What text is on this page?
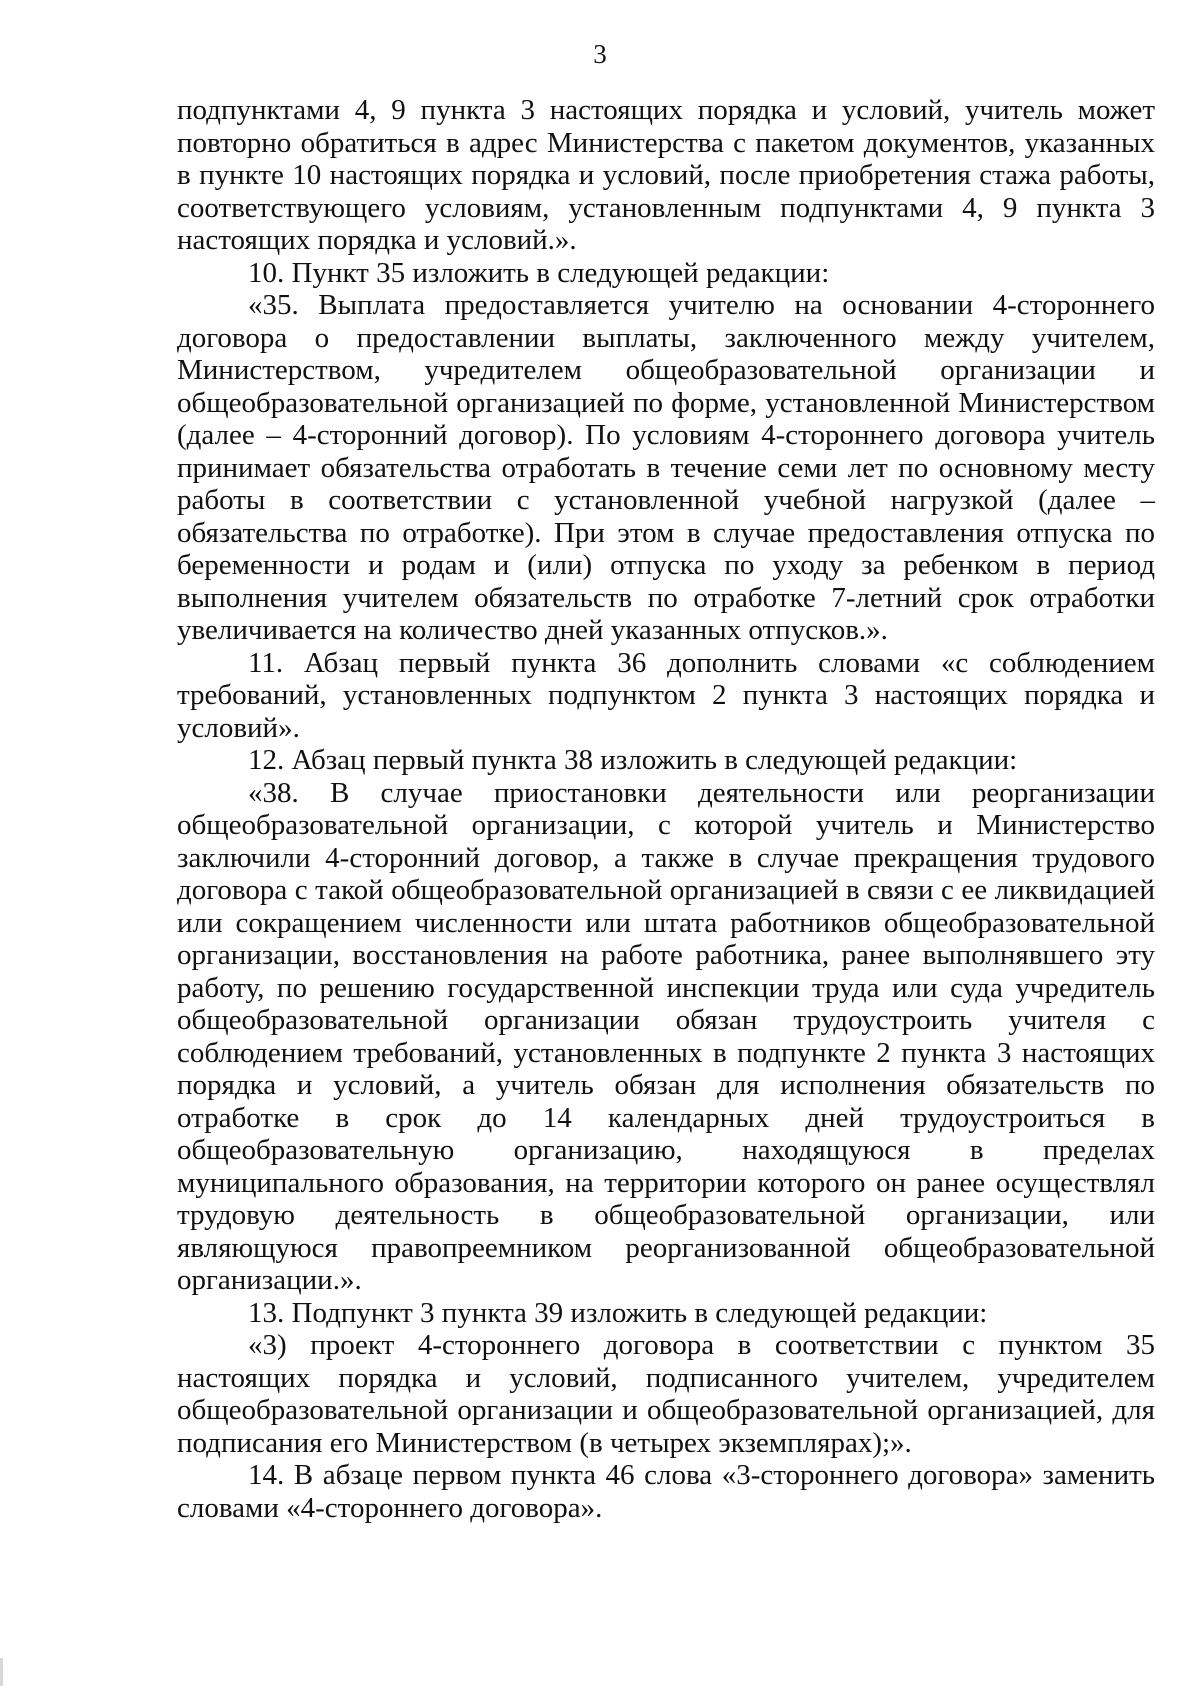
3

подпунктами 4, 9 пункта 3 настоящих порядка и условий, учитель может повторно обратиться в адрес Министерства с пакетом документов, указанных в пункте 10 настоящих порядка и условий, после приобретения стажа работы, соответствующего условиям, установленным подпунктами 4, 9 пункта 3 настоящих порядка и условий.».

10. Пункт 35 изложить в следующей редакции:

«35. Выплата предоставляется учителю на основании 4-стороннего договора о предоставлении выплаты, заключенного между учителем, Министерством, учредителем общеобразовательной организации и общеобразовательной организацией по форме, установленной Министерством (далее – 4-сторонний договор). По условиям 4-стороннего договора учитель принимает обязательства отработать в течение семи лет по основному месту работы в соответствии с установленной учебной нагрузкой (далее – обязательства по отработке). При этом в случае предоставления отпуска по беременности и родам и (или) отпуска по уходу за ребенком в период выполнения учителем обязательств по отработке 7-летний срок отработки увеличивается на количество дней указанных отпусков.».

11. Абзац первый пункта 36 дополнить словами «с соблюдением требований, установленных подпунктом 2 пункта 3 настоящих порядка и условий».

12. Абзац первый пункта 38 изложить в следующей редакции:

«38. В случае приостановки деятельности или реорганизации общеобразовательной организации, с которой учитель и Министерство заключили 4-сторонний договор, а также в случае прекращения трудового договора с такой общеобразовательной организацией в связи с ее ликвидацией или сокращением численности или штата работников общеобразовательной организации, восстановления на работе работника, ранее выполнявшего эту работу, по решению государственной инспекции труда или суда учредитель общеобразовательной организации обязан трудоустроить учителя с соблюдением требований, установленных в подпункте 2 пункта 3 настоящих порядка и условий, а учитель обязан для исполнения обязательств по отработке в срок до 14 календарных дней трудоустроиться в общеобразовательную организацию, находящуюся в пределах муниципального образования, на территории которого он ранее осуществлял трудовую деятельность в общеобразовательной организации, или являющуюся правопреемником реорганизованной общеобразовательной организации.».

13. Подпункт 3 пункта 39 изложить в следующей редакции:

«3) проект 4-стороннего договора в соответствии с пунктом 35 настоящих порядка и условий, подписанного учителем, учредителем общеобразовательной организации и общеобразовательной организацией, для подписания его Министерством (в четырех экземплярах);».

14. В абзаце первом пункта 46 слова «3-стороннего договора» заменить словами «4-стороннего договора».
